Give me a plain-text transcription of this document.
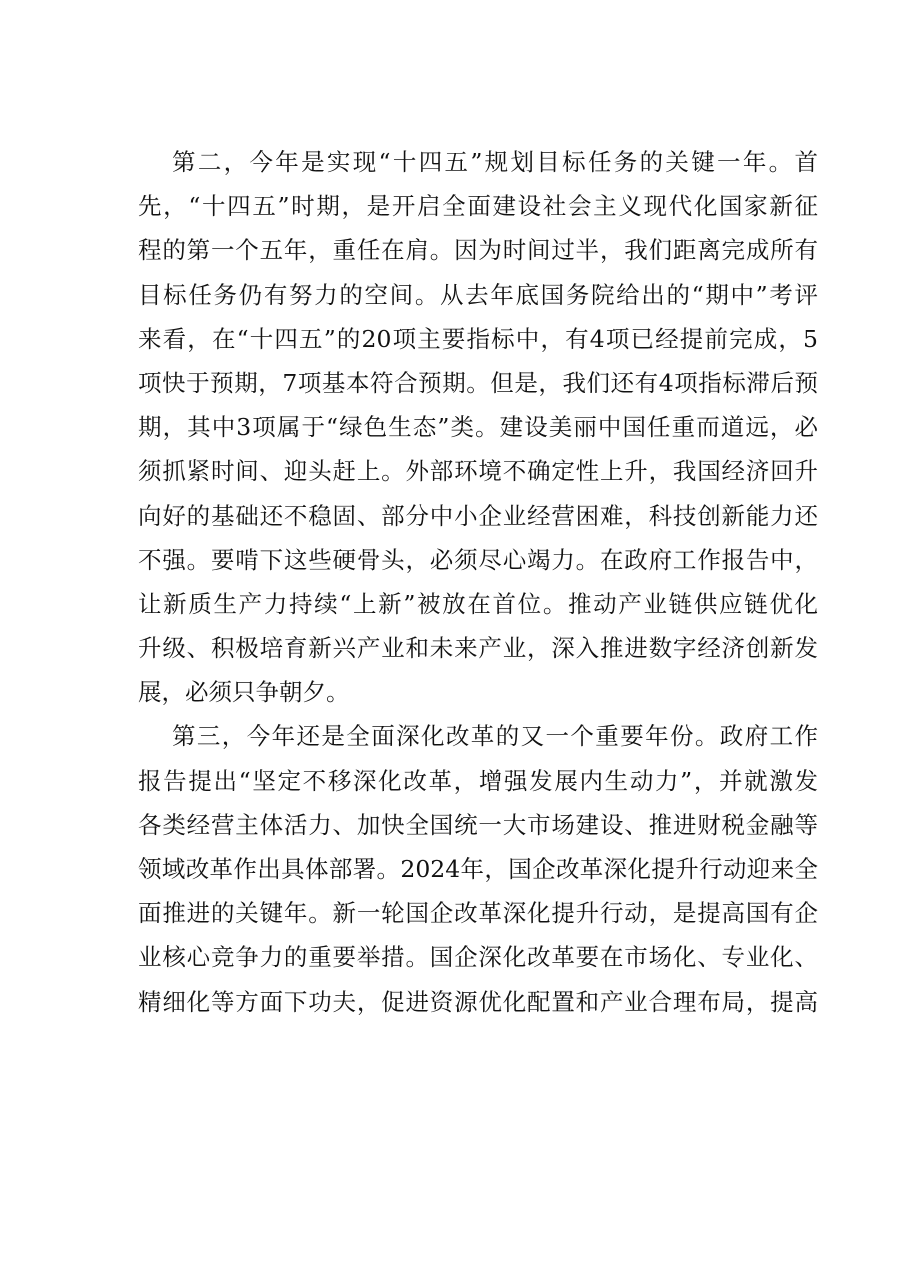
第二，今年是实现“十四五”规划目标任务的关键一年。首
先，“十四五”时期，是开启全面建设社会主义现代化国家新征
程的第一个五年，重任在肩。因为时间过半，我们距离完成所有
目标任务仍有努力的空间。从去年底国务院给出的“期中”考评
来看，在“十四五”的20项主要指标中，有4项已经提前完成，5
项快于预期，7项基本符合预期。但是，我们还有4项指标滞后预
期，其中3项属于“绿色生态”类。建设美丽中国任重而道远，必
须抓紧时间、迎头赶上。外部环境不确定性上升，我国经济回升
向好的基础还不稳固、部分中小企业经营困难，科技创新能力还
不强。要啃下这些硬骨头，必须尽心竭力。在政府工作报告中，
让新质生产力持续“上新”被放在首位。推动产业链供应链优化
升级、积极培育新兴产业和未来产业，深入推进数字经济创新发
展，必须只争朝夕。
第三，今年还是全面深化改革的又一个重要年份。政府工作
报告提出“坚定不移深化改革，增强发展内生动力”，并就激发
各类经营主体活力、加快全国统一大市场建设、推进财税金融等
领域改革作出具体部署。2024年，国企改革深化提升行动迎来全
面推进的关键年。新一轮国企改革深化提升行动，是提高国有企
业核心竞争力的重要举措。国企深化改革要在市场化、专业化、
精细化等方面下功夫，促进资源优化配置和产业合理布局，提高
